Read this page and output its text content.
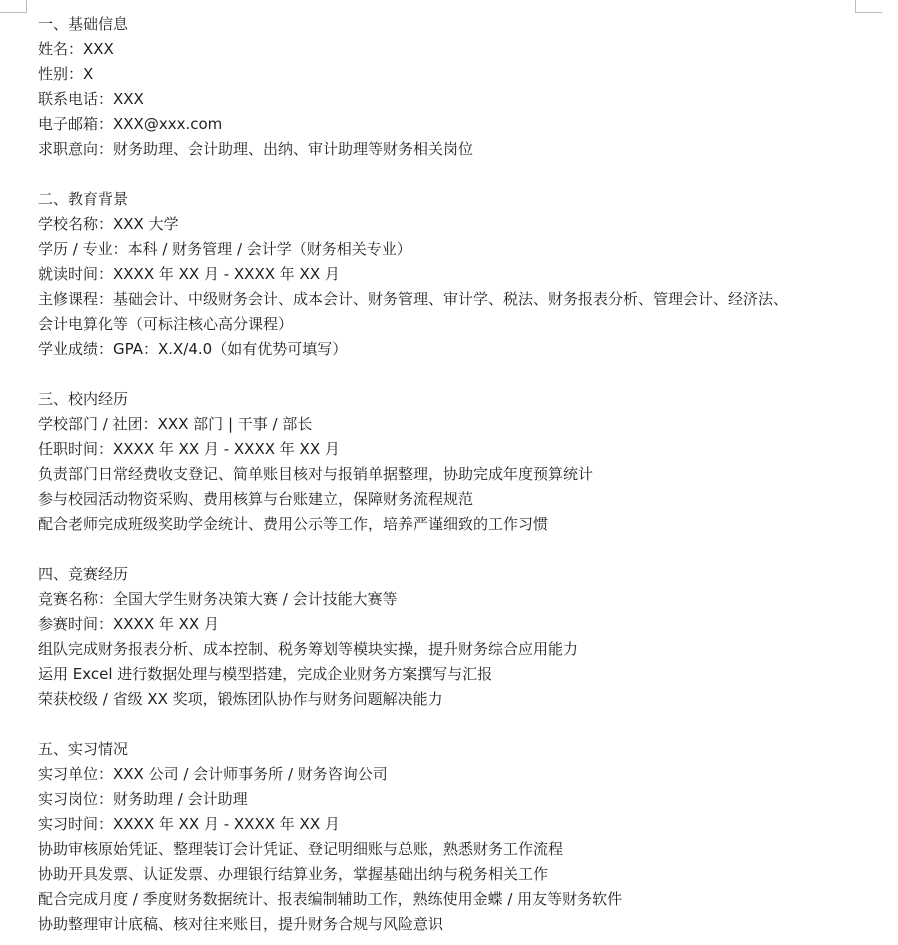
一、基础信息
姓名：XXX
性别：X
联系电话：XXX
电子邮箱：XXX@xxx.com
求职意向：财务助理、会计助理、出纳、审计助理等财务相关岗位
二、教育背景
学校名称：XXX 大学
学历 / 专业：本科 / 财务管理 / 会计学（财务相关专业）
就读时间：XXXX 年 XX 月 - XXXX 年 XX 月
主修课程：基础会计、中级财务会计、成本会计、财务管理、审计学、税法、财务报表分析、管理会计、经济法、
会计电算化等（可标注核心高分课程）
学业成绩：GPA：X.X/4.0（如有优势可填写）
三、校内经历
学校部门 / 社团：XXX 部门 | 干事 / 部长
任职时间：XXXX 年 XX 月 - XXXX 年 XX 月
负责部门日常经费收支登记、简单账目核对与报销单据整理，协助完成年度预算统计
参与校园活动物资采购、费用核算与台账建立，保障财务流程规范
配合老师完成班级奖助学金统计、费用公示等工作，培养严谨细致的工作习惯
四、竞赛经历
竞赛名称：全国大学生财务决策大赛 / 会计技能大赛等
参赛时间：XXXX 年 XX 月
组队完成财务报表分析、成本控制、税务筹划等模块实操，提升财务综合应用能力
运用 Excel 进行数据处理与模型搭建，完成企业财务方案撰写与汇报
荣获校级 / 省级 XX 奖项，锻炼团队协作与财务问题解决能力
五、实习情况
实习单位：XXX 公司 / 会计师事务所 / 财务咨询公司
实习岗位：财务助理 / 会计助理
实习时间：XXXX 年 XX 月 - XXXX 年 XX 月
协助审核原始凭证、整理装订会计凭证、登记明细账与总账，熟悉财务工作流程
协助开具发票、认证发票、办理银行结算业务，掌握基础出纳与税务相关工作
配合完成月度 / 季度财务数据统计、报表编制辅助工作，熟练使用金蝶 / 用友等财务软件
协助整理审计底稿、核对往来账目，提升财务合规与风险意识
